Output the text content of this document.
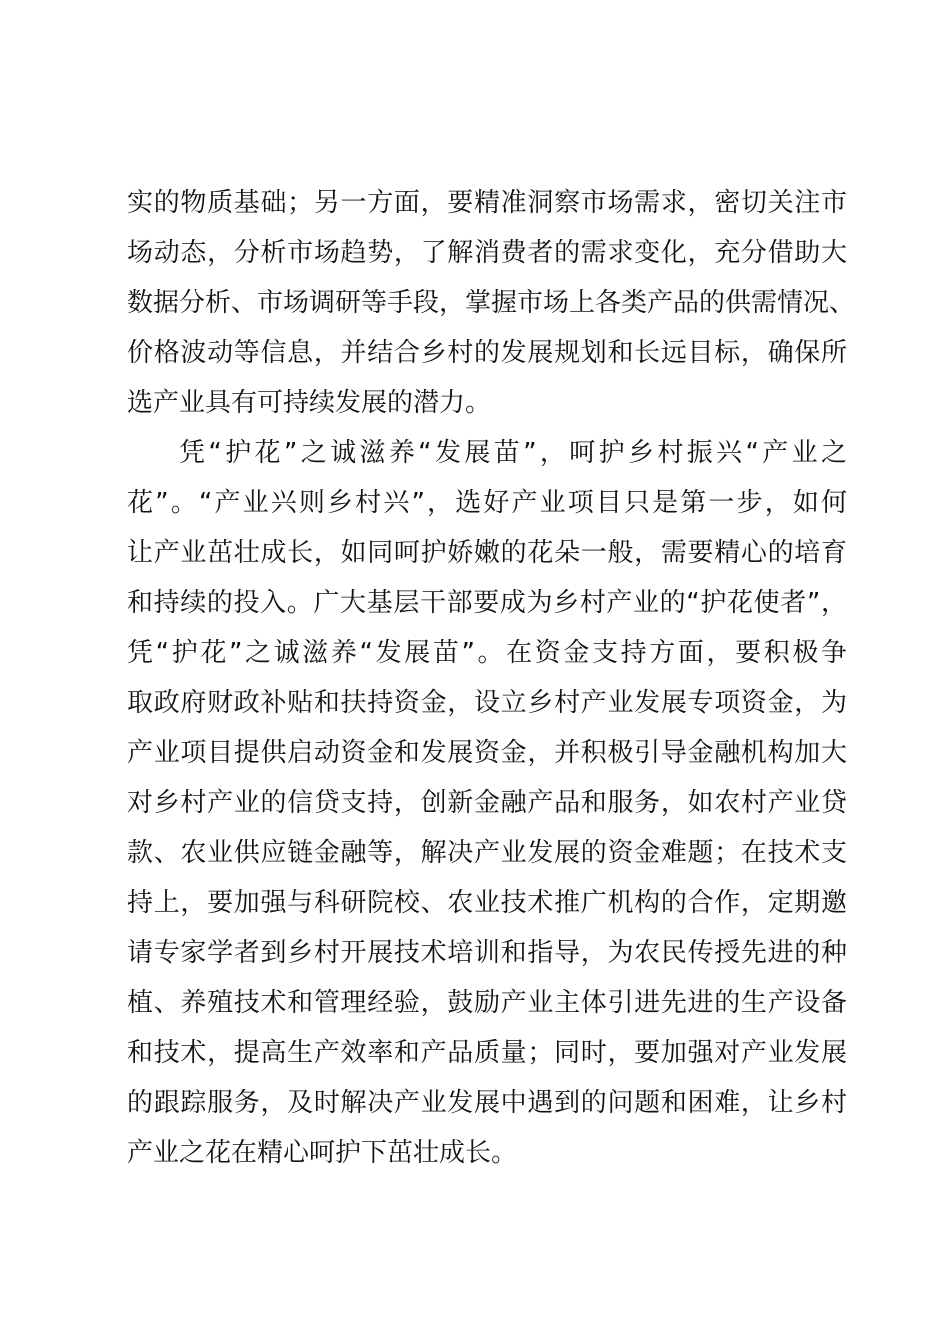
实的物质基础；另一方面，要精准洞察市场需求，密切关注市
场动态，分析市场趋势，了解消费者的需求变化，充分借助大
数据分析、市场调研等手段，掌握市场上各类产品的供需情况、
价格波动等信息，并结合乡村的发展规划和长远目标，确保所
选产业具有可持续发展的潜力。
凭“护花”之诚滋养“发展苗”，呵护乡村振兴“产业之
花”。“产业兴则乡村兴”，选好产业项目只是第一步，如何
让产业茁壮成长，如同呵护娇嫩的花朵一般，需要精心的培育
和持续的投入。广大基层干部要成为乡村产业的“护花使者”，
凭“护花”之诚滋养“发展苗”。在资金支持方面，要积极争
取政府财政补贴和扶持资金，设立乡村产业发展专项资金，为
产业项目提供启动资金和发展资金，并积极引导金融机构加大
对乡村产业的信贷支持，创新金融产品和服务，如农村产业贷
款、农业供应链金融等，解决产业发展的资金难题；在技术支
持上，要加强与科研院校、农业技术推广机构的合作，定期邀
请专家学者到乡村开展技术培训和指导，为农民传授先进的种
植、养殖技术和管理经验，鼓励产业主体引进先进的生产设备
和技术，提高生产效率和产品质量；同时，要加强对产业发展
的跟踪服务，及时解决产业发展中遇到的问题和困难，让乡村
产业之花在精心呵护下茁壮成长。
